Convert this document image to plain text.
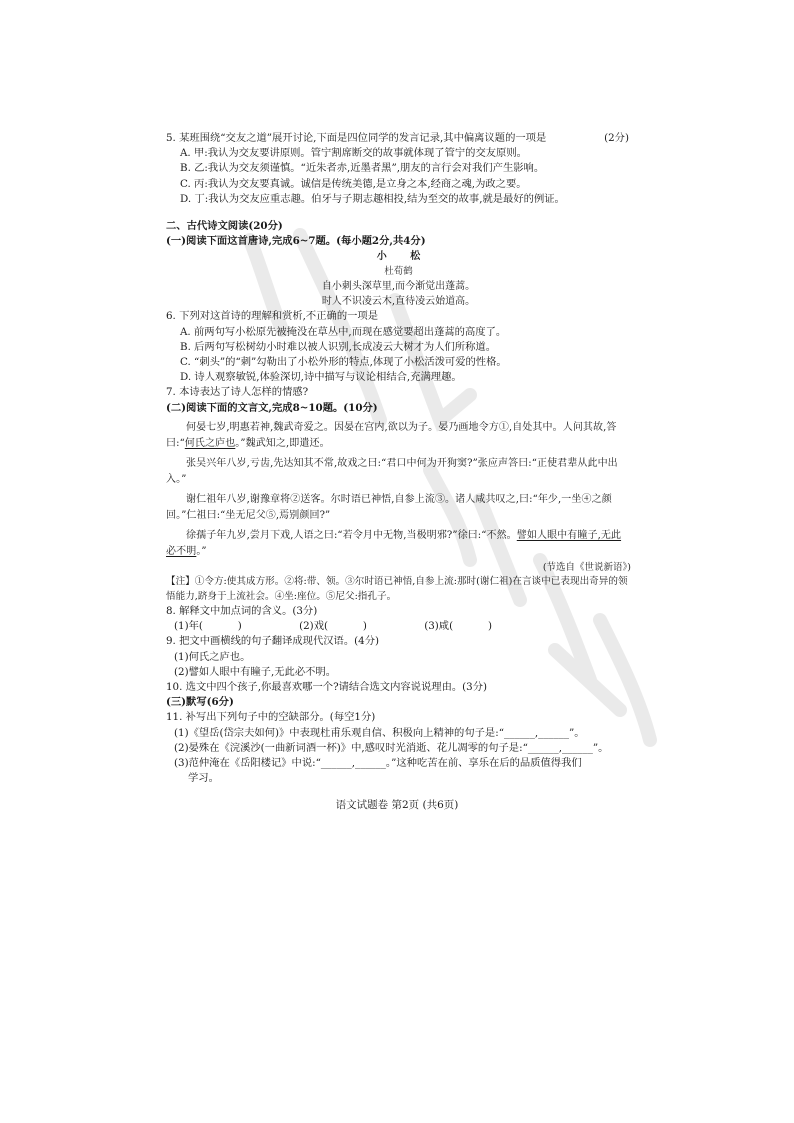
5. 某班围绕“交友之道”展开讨论,下面是四位同学的发言记录,其中偏离议题的一项是	(2分)
A. 甲:我认为交友要讲原则。管宁割席断交的故事就体现了管宁的交友原则。
B. 乙:我认为交友须谨慎。“近朱者赤,近墨者黑”,朋友的言行会对我们产生影响。
C. 丙:我认为交友要真诚。诚信是传统美德,是立身之本,经商之魂,为政之要。
D. 丁:我认为交友应重志趣。伯牙与子期志趣相投,结为至交的故事,就是最好的例证。
二、古代诗文阅读(20分)
(一)阅读下面这首唐诗,完成6~7题。(每小题2分,共4分)
小 松
杜荀鹤
自小刺头深草里,而今渐觉出蓬蒿。
时人不识凌云木,直待凌云始道高。
6. 下列对这首诗的理解和赏析,不正确的一项是
A. 前两句写小松原先被掩没在草丛中,而现在感觉要超出蓬蒿的高度了。
B. 后两句写松树幼小时难以被人识别,长成凌云大树才为人们所称道。
C. “刺头”的“刺”勾勒出了小松外形的特点,体现了小松活泼可爱的性格。
D. 诗人观察敏锐,体验深切,诗中描写与议论相结合,充满理趣。
7. 本诗表达了诗人怎样的情感?
(二)阅读下面的文言文,完成8~10题。(10分)
何晏七岁,明惠若神,魏武奇爱之。因晏在宫内,欲以为子。晏乃画地令方①,自处其中。人问其故,答曰:“何氏之庐也。”魏武知之,即遣还。
张吴兴年八岁,亏齿,先达知其不常,故戏之曰:“君口中何为开狗窦?”张应声答曰:“正使君辈从此中出入。”
谢仁祖年八岁,谢豫章将②送客。尔时语已神悟,自参上流③。诸人咸共叹之,曰:“年少,一坐④之颜回。”仁祖曰:“坐无尼父⑤,焉别颜回?”
徐孺子年九岁,尝月下戏,人语之曰:“若令月中无物,当极明邪?”徐曰:“不然。譬如人眼中有瞳子,无此必不明。”
(节选自《世说新语》)
【注】①令方:使其成方形。②将:带、领。③尔时语已神悟,自参上流:那时(谢仁祖)在言谈中已表现出奇异的领悟能力,跻身于上流社会。④坐:座位。⑤尼父:指孔子。
8. 解释文中加点词的含义。(3分)
(1)年(   )	(2)戏(   )	(3)咸(   )
9. 把文中画横线的句子翻译成现代汉语。(4分)
(1)何氏之庐也。
(2)譬如人眼中有瞳子,无此必不明。
10. 选文中四个孩子,你最喜欢哪一个?请结合选文内容说说理由。(3分)
(三)默写(6分)
11. 补写出下列句子中的空缺部分。(每空1分)
(1)《望岳(岱宗夫如何)》中表现杜甫乐观自信、积极向上精神的句子是:“______,______”。
(2)晏殊在《浣溪沙(一曲新词酒一杯)》中,感叹时光消逝、花儿凋零的句子是:“______,______”。
(3)范仲淹在《岳阳楼记》中说:“______,______。”这种吃苦在前、享乐在后的品质值得我们
学习。
语文试题卷 第2页 (共6页)
